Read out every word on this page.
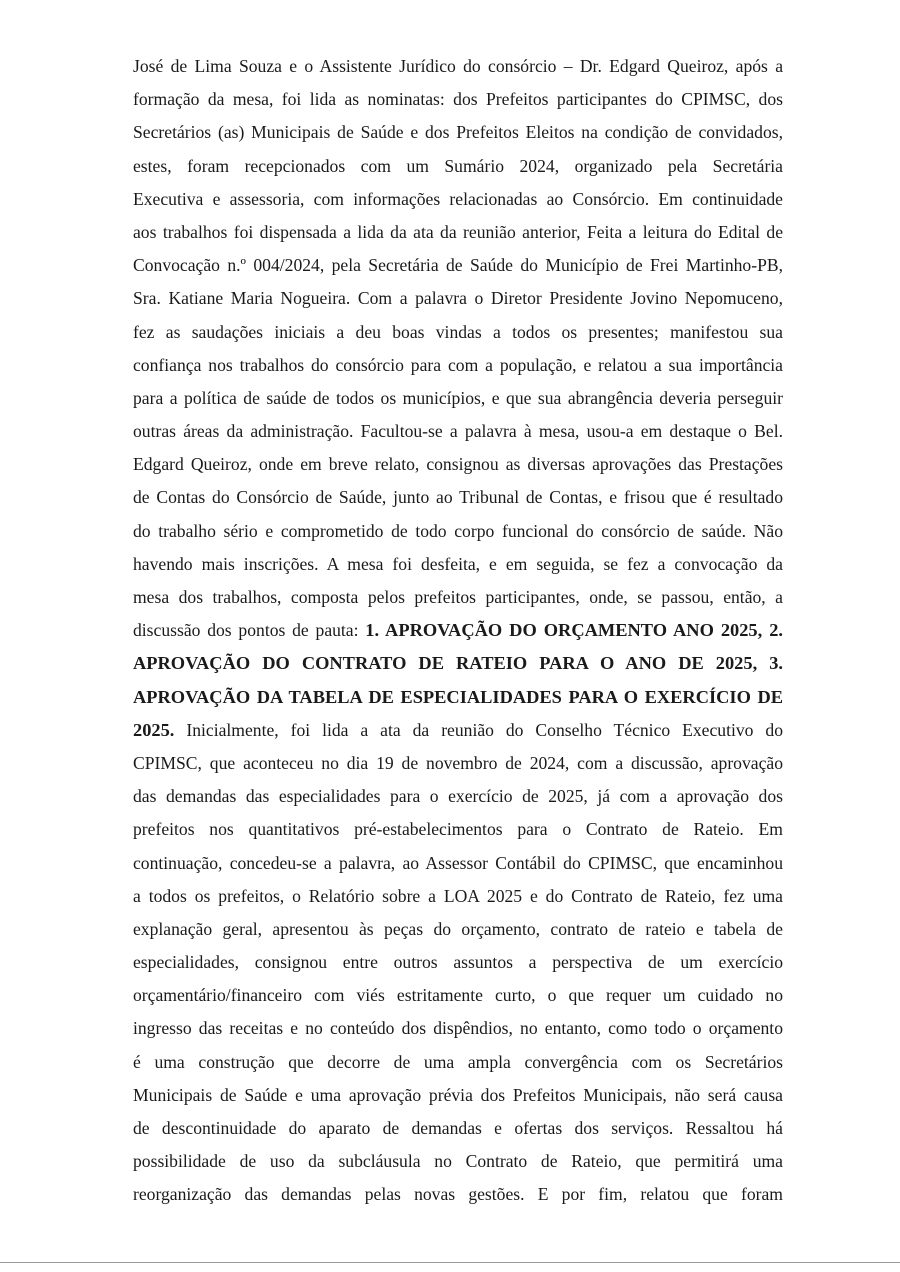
José de Lima Souza e o Assistente Jurídico do consórcio – Dr. Edgard Queiroz, após a
formação da mesa, foi lida as nominatas: dos Prefeitos participantes do CPIMSC, dos
Secretários (as) Municipais de Saúde e dos Prefeitos Eleitos na condição de convidados,
estes, foram recepcionados com um Sumário 2024, organizado pela Secretária
Executiva e assessoria, com informações relacionadas ao Consórcio. Em continuidade
aos trabalhos foi dispensada a lida da ata da reunião anterior, Feita a leitura do Edital de
Convocação n.º 004/2024, pela Secretária de Saúde do Município de Frei Martinho-PB,
Sra. Katiane Maria Nogueira. Com a palavra o Diretor Presidente Jovino Nepomuceno,
fez as saudações iniciais a deu boas vindas a todos os presentes; manifestou sua
confiança nos trabalhos do consórcio para com a população, e relatou a sua importância
para a política de saúde de todos os municípios, e que sua abrangência deveria perseguir
outras áreas da administração. Facultou-se a palavra à mesa, usou-a em destaque o Bel.
Edgard Queiroz, onde em breve relato, consignou as diversas aprovações das Prestações
de Contas do Consórcio de Saúde, junto ao Tribunal de Contas, e frisou que é resultado
do trabalho sério e comprometido de todo corpo funcional do consórcio de saúde. Não
havendo mais inscrições. A mesa foi desfeita, e em seguida, se fez a convocação da
mesa dos trabalhos, composta pelos prefeitos participantes, onde, se passou, então, a
discussão dos pontos de pauta: 1. APROVAÇÃO DO ORÇAMENTO ANO 2025, 2.
APROVAÇÃO DO CONTRATO DE RATEIO PARA O ANO DE 2025, 3.
APROVAÇÃO DA TABELA DE ESPECIALIDADES PARA O EXERCÍCIO DE
2025. Inicialmente, foi lida a ata da reunião do Conselho Técnico Executivo do
CPIMSC, que aconteceu no dia 19 de novembro de 2024, com a discussão, aprovação
das demandas das especialidades para o exercício de 2025, já com a aprovação dos
prefeitos nos quantitativos pré-estabelecimentos para o Contrato de Rateio. Em
continuação, concedeu-se a palavra, ao Assessor Contábil do CPIMSC, que encaminhou
a todos os prefeitos, o Relatório sobre a LOA 2025 e do Contrato de Rateio, fez uma
explanação geral, apresentou às peças do orçamento, contrato de rateio e tabela de
especialidades, consignou entre outros assuntos a perspectiva de um exercício
orçamentário/financeiro com viés estritamente curto, o que requer um cuidado no
ingresso das receitas e no conteúdo dos dispêndios, no entanto, como todo o orçamento
é uma construção que decorre de uma ampla convergência com os Secretários
Municipais de Saúde e uma aprovação prévia dos Prefeitos Municipais, não será causa
de descontinuidade do aparato de demandas e ofertas dos serviços. Ressaltou há
possibilidade de uso da subcláusula no Contrato de Rateio, que permitirá uma
reorganização das demandas pelas novas gestões. E por fim, relatou que foram
